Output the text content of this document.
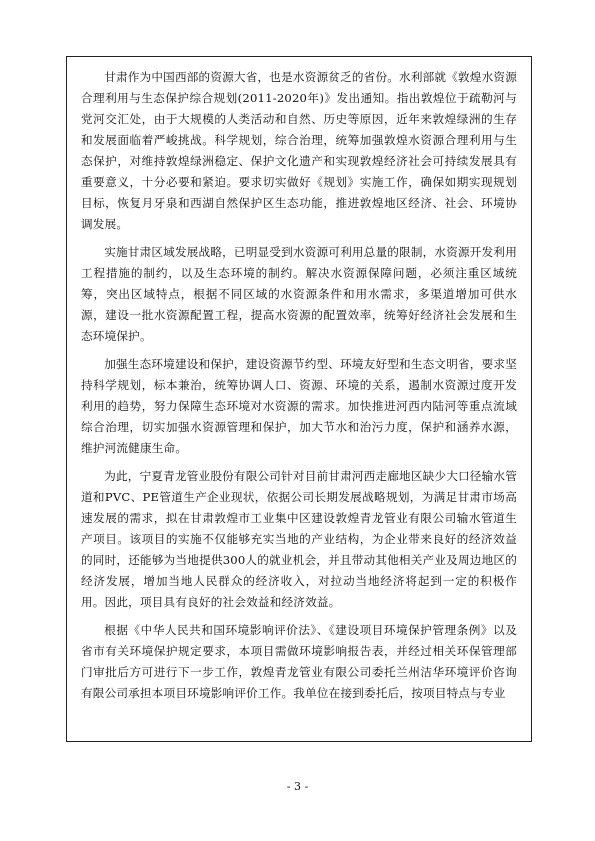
甘肃作为中国西部的资源大省，也是水资源贫乏的省份。水利部就《敦煌水资源合理利用与生态保护综合规划(2011-2020年)》发出通知。指出敦煌位于疏勒河与党河交汇处，由于大规模的人类活动和自然、历史等原因，近年来敦煌绿洲的生存和发展面临着严峻挑战。科学规划，综合治理，统筹加强敦煌水资源合理利用与生态保护，对维持敦煌绿洲稳定、保护文化遗产和实现敦煌经济社会可持续发展具有重要意义，十分必要和紧迫。要求切实做好《规划》实施工作，确保如期实现规划目标，恢复月牙泉和西湖自然保护区生态功能，推进敦煌地区经济、社会、环境协调发展。

实施甘肃区域发展战略，已明显受到水资源可利用总量的限制，水资源开发利用工程措施的制约，以及生态环境的制约。解决水资源保障问题，必须注重区域统筹，突出区域特点，根据不同区域的水资源条件和用水需求，多渠道增加可供水源，建设一批水资源配置工程，提高水资源的配置效率，统筹好经济社会发展和生态环境保护。

加强生态环境建设和保护，建设资源节约型、环境友好型和生态文明省，要求坚持科学规划，标本兼治，统筹协调人口、资源、环境的关系，遏制水资源过度开发利用的趋势，努力保障生态环境对水资源的需求。加快推进河西内陆河等重点流域综合治理，切实加强水资源管理和保护，加大节水和治污力度，保护和涵养水源，维护河流健康生命。

为此，宁夏青龙管业股份有限公司针对目前甘肃河西走廊地区缺少大口径输水管道和PVC、PE管道生产企业现状，依据公司长期发展战略规划，为满足甘肃市场高速发展的需求，拟在甘肃敦煌市工业集中区建设敦煌青龙管业有限公司输水管道生产项目。该项目的实施不仅能够充实当地的产业结构，为企业带来良好的经济效益的同时，还能够为当地提供300人的就业机会，并且带动其他相关产业及周边地区的经济发展，增加当地人民群众的经济收入，对拉动当地经济将起到一定的积极作用。因此，项目具有良好的社会效益和经济效益。

根据《中华人民共和国环境影响评价法》、《建设项目环境保护管理条例》以及省市有关环境保护规定要求，本项目需做环境影响报告表，并经过相关环保管理部门审批后方可进行下一步工作，敦煌青龙管业有限公司委托兰州洁华环境评价咨询有限公司承担本项目环境影响评价工作。我单位在接到委托后，按项目特点与专业

- 3 -
